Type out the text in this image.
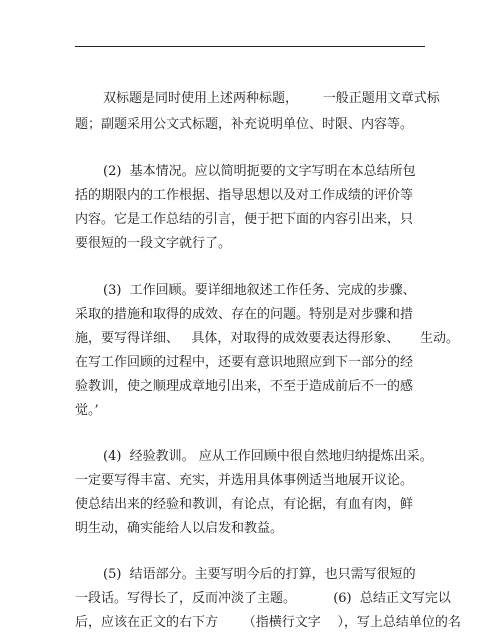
双标题是同时使用上述两种标题，      一般正题用文章式标
题；副题采用公文式标题，补充说明单位、时限、内容等。
(2)  基本情况。应以简明扼要的文字写明在本总结所包
括的期限内的工作根据、指导思想以及对工作成绩的评价等
内容。它是工作总结的引言，便于把下面的内容引出来，只
要很短的一段文字就行了。
(3)  工作回顾。要详细地叙述工作任务、完成的步骤、
采取的措施和取得的成效、存在的问题。特别是对步骤和措
施，要写得详细、   具体，对取得的成效要表达得形象、     生动。
在写工作回顾的过程中，还要有意识地照应到下一部分的经
验教训，使之顺理成章地引出来，不至于造成前后不一的感
觉。’
(4)  经验教训。 应从工作回顾中很自然地归纳提炼出采。
一定要写得丰富、充实，并选用具体事例适当地展开议论。
使总结出来的经验和教训，有论点，有论据，有血有肉，鲜
明生动，确实能给人以启发和教益。
(5)  结语部分。主要写明今后的打算，也只需写很短的
一段话。写得长了，反而冲淡了主题。         (6)  总结正文写完以
后，应该在正文的右下方      （指横行文字    ），写上总结单位的名
